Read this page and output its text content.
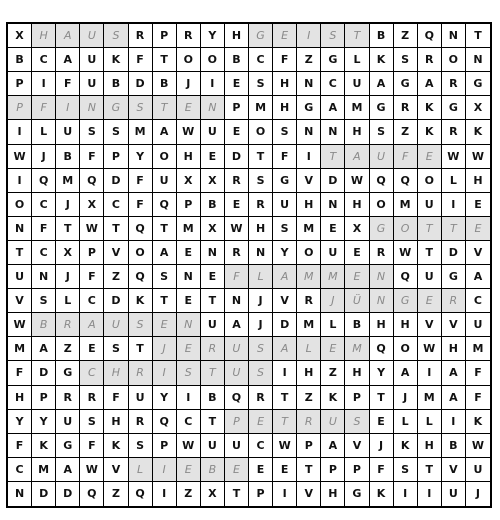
X	H	A	U	S	R	P	R	Y	H	G	E	I	S	T	B	Z	Q	N	T
B	C	A	U	K	F	T	O	O	B	C	F	Z	G	L	K	S	R	O	N
P	I	F	U	B	D	B	J	I	E	S	H	N	C	U	A	G	A	R	G
P	F	I	N	G	S	T	E	N	P	M	H	G	A	M	G	R	K	G	X
I	L	U	S	S	M	A	W	U	E	O	S	N	N	H	S	Z	K	R	K
W	J	B	F	P	Y	O	H	E	D	T	F	I	T	A	U	F	E	W	W
I	Q	M	Q	D	F	U	X	X	R	S	G	V	D	W	Q	Q	O	L	H
O	C	J	X	C	F	Q	P	B	E	R	U	H	N	H	O	M	U	I	E
N	F	T	W	T	Q	T	M	X	W	H	S	M	E	X	G	O	T	T	E
T	C	X	P	V	O	A	E	N	R	N	Y	O	U	E	R	W	T	D	V
U	N	J	F	Z	Q	S	N	E	F	L	A	M	M	E	N	Q	U	G	A
V	S	L	C	D	K	T	E	T	N	J	V	R	J	Ü	N	G	E	R	C
W	B	R	A	U	S	E	N	U	A	J	D	M	L	B	H	H	V	V	U
M	A	Z	E	S	T	J	E	R	U	S	A	L	E	M	Q	O	W	H	M
F	D	G	C	H	R	I	S	T	U	S	I	H	Z	H	Y	A	I	A	F
H	P	R	R	F	U	Y	I	B	Q	R	T	Z	K	P	T	J	M	A	F
Y	Y	U	S	H	R	Q	C	T	P	E	T	R	U	S	E	L	L	I	K
F	K	G	F	K	S	P	W	U	U	C	W	P	A	V	J	K	H	B	W
C	M	A	W	V	L	I	E	B	E	E	E	T	P	P	F	S	T	V	U
N	D	D	Q	Z	Q	I	Z	X	T	P	I	V	H	G	K	I	I	U	J
